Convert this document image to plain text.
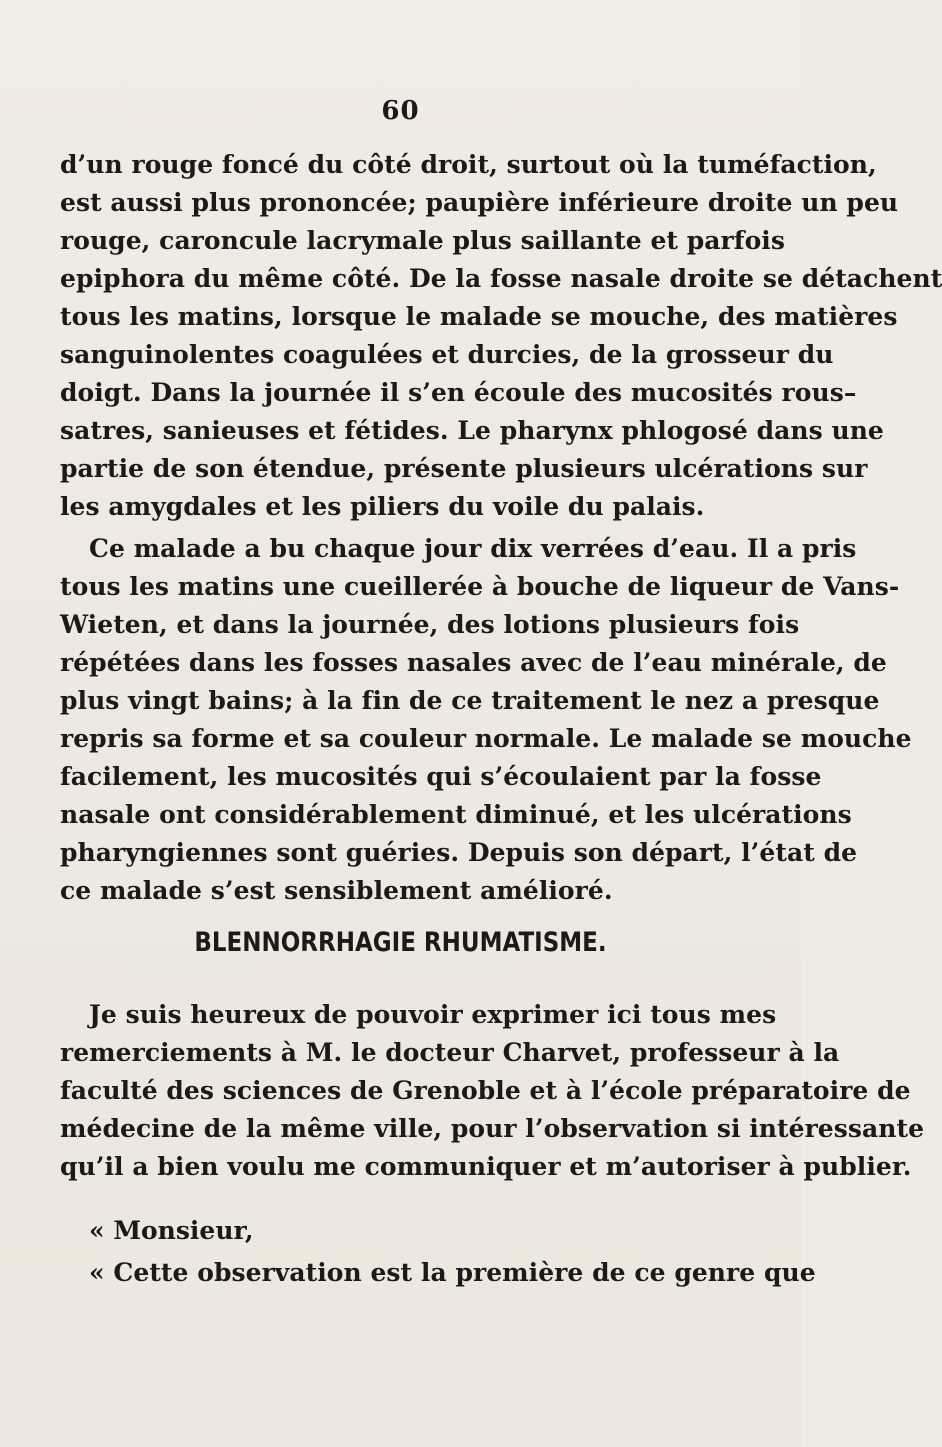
60
d’un rouge foncé du côté droit, surtout où la tuméfaction,
est aussi plus prononcée; paupière inférieure droite un peu
rouge, caroncule lacrymale plus saillante et parfois
epiphora du même côté. De la fosse nasale droite se détachent
tous les matins, lorsque le malade se mouche, des matières
sanguinolentes coagulées et durcies, de la grosseur du
doigt. Dans la journée il s’en écoule des mucosités rous–
satres, sanieuses et fétides. Le pharynx phlogosé dans une
partie de son étendue, présente plusieurs ulcérations sur
les amygdales et les piliers du voile du palais.
Ce malade a bu chaque jour dix verrées d’eau. Il a pris
tous les matins une cueillerée à bouche de liqueur de Vans-
Wieten, et dans la journée, des lotions plusieurs fois
répétées dans les fosses nasales avec de l’eau minérale, de
plus vingt bains; à la fin de ce traitement le nez a presque
repris sa forme et sa couleur normale. Le malade se mouche
facilement, les mucosités qui s’écoulaient par la fosse
nasale ont considérablement diminué, et les ulcérations
pharyngiennes sont guéries. Depuis son départ, l’état de
ce malade s’est sensiblement amélioré.
BLENNORRHAGIE RHUMATISME.
Je suis heureux de pouvoir exprimer ici tous mes
remerciements à M. le docteur Charvet, professeur à la
faculté des sciences de Grenoble et à l’école préparatoire de
médecine de la même ville, pour l’observation si intéressante
qu’il a bien voulu me communiquer et m’autoriser à publier.
« Monsieur,
« Cette observation est la première de ce genre que
